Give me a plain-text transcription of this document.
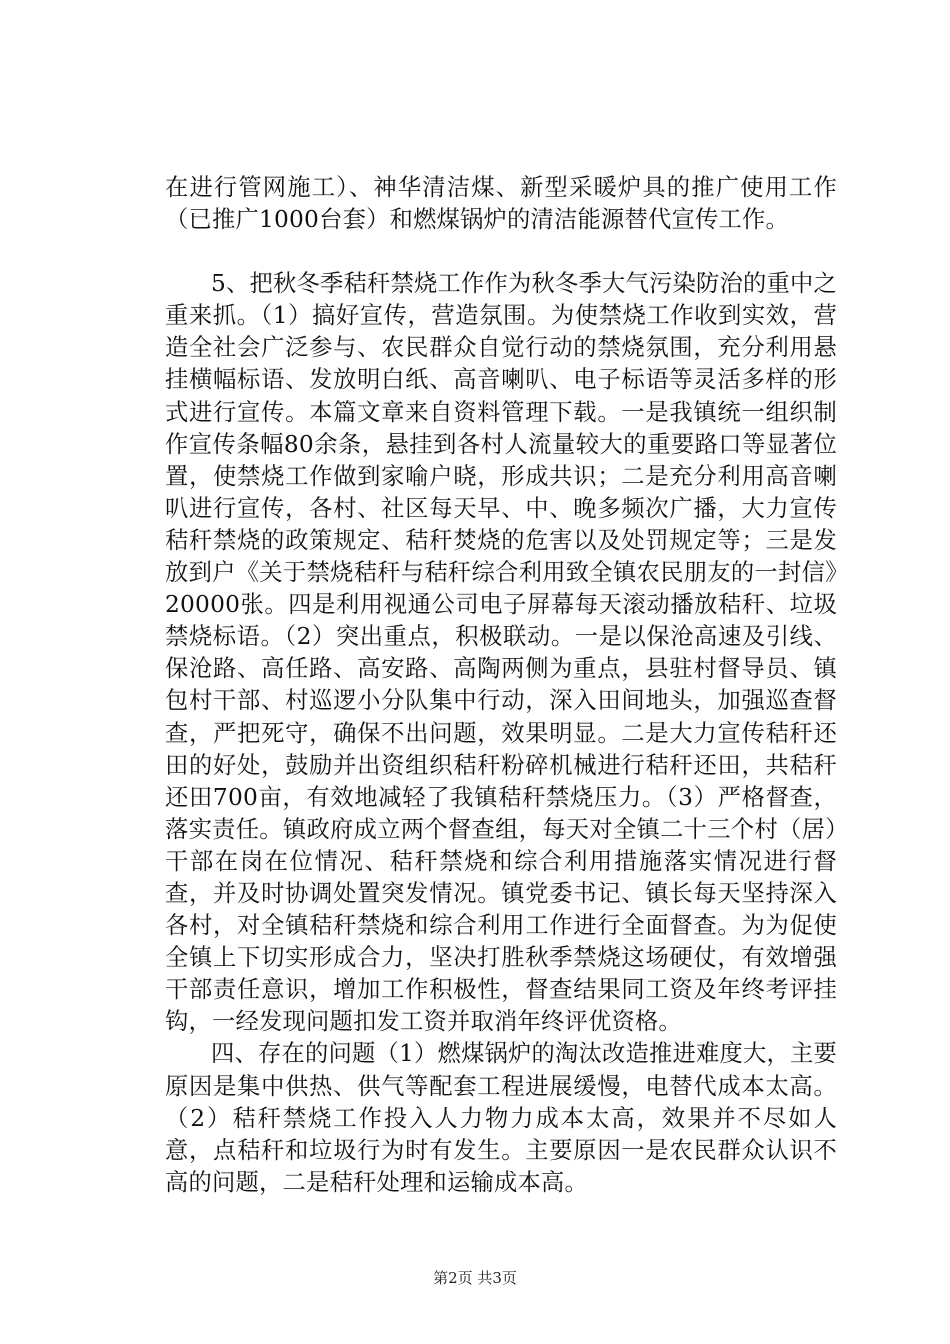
在进行管网施工）、神华清洁煤、新型采暖炉具的推广使用工作（已推广1000台套）和燃煤锅炉的清洁能源替代宣传工作。

5、把秋冬季秸秆禁烧工作作为秋冬季大气污染防治的重中之重来抓。（1）搞好宣传，营造氛围。为使禁烧工作收到实效，营造全社会广泛参与、农民群众自觉行动的禁烧氛围，充分利用悬挂横幅标语、发放明白纸、高音喇叭、电子标语等灵活多样的形式进行宣传。本篇文章来自资料管理下载。一是我镇统一组织制作宣传条幅80余条，悬挂到各村人流量较大的重要路口等显著位置，使禁烧工作做到家喻户晓，形成共识；二是充分利用高音喇叭进行宣传，各村、社区每天早、中、晚多频次广播，大力宣传秸秆禁烧的政策规定、秸秆焚烧的危害以及处罚规定等；三是发放到户《关于禁烧秸秆与秸秆综合利用致全镇农民朋友的一封信》20000张。四是利用视通公司电子屏幕每天滚动播放秸秆、垃圾禁烧标语。（2）突出重点，积极联动。一是以保沧高速及引线、保沧路、高任路、高安路、高陶两侧为重点，县驻村督导员、镇包村干部、村巡逻小分队集中行动，深入田间地头，加强巡查督查，严把死守，确保不出问题，效果明显。二是大力宣传秸秆还田的好处，鼓励并出资组织秸秆粉碎机械进行秸秆还田，共秸秆还田700亩，有效地减轻了我镇秸秆禁烧压力。（3）严格督查，落实责任。镇政府成立两个督查组，每天对全镇二十三个村（居）干部在岗在位情况、秸秆禁烧和综合利用措施落实情况进行督查，并及时协调处置突发情况。镇党委书记、镇长每天坚持深入各村，对全镇秸秆禁烧和综合利用工作进行全面督查。为为促使全镇上下切实形成合力，坚决打胜秋季禁烧这场硬仗，有效增强干部责任意识，增加工作积极性，督查结果同工资及年终考评挂钩，一经发现问题扣发工资并取消年终评优资格。

四、存在的问题（1）燃煤锅炉的淘汰改造推进难度大，主要原因是集中供热、供气等配套工程进展缓慢，电替代成本太高。（2）秸秆禁烧工作投入人力物力成本太高，效果并不尽如人意，点秸秆和垃圾行为时有发生。主要原因一是农民群众认识不高的问题，二是秸秆处理和运输成本高。

第2页 共3页
